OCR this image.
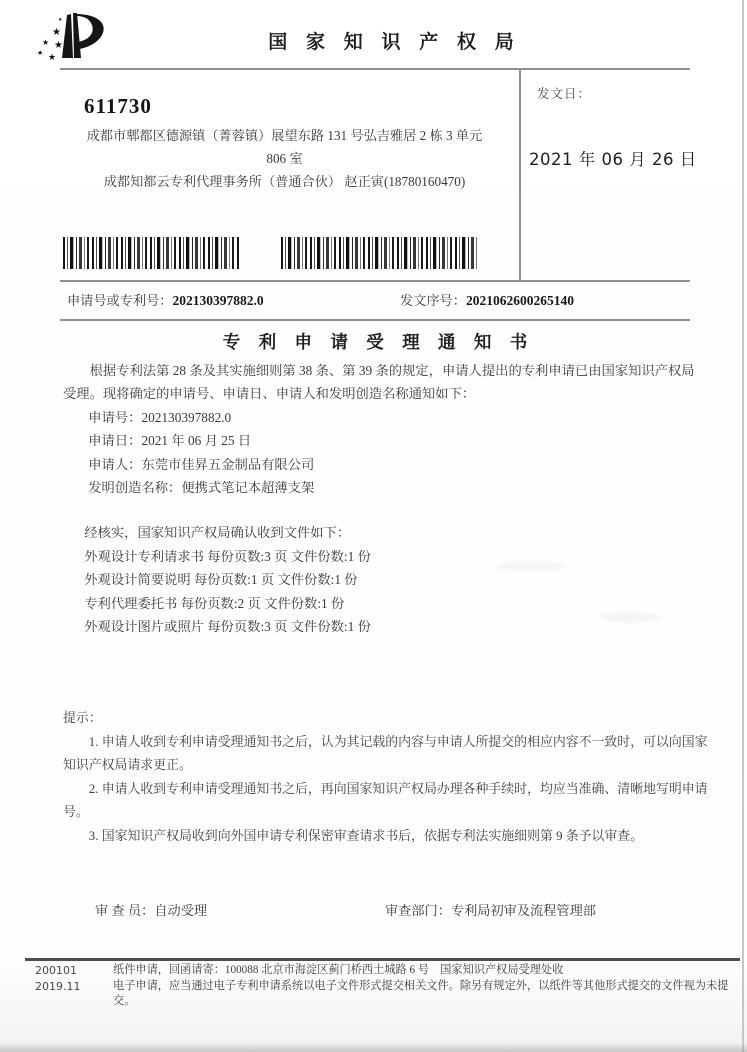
★
★ ★
★ ★
★
国 家 知 识 产 权 局
发文日：
2021 年 06 月 26 日
611730
成都市郫都区德源镇（菁蓉镇）展望东路 131 号弘吉雅居 2 栋 3 单元
806 室
成都知都云专利代理事务所（普通合伙） 赵正寅(18780160470)
申请号或专利号：202130397882.0	发文序号：2021062600265140
专 利 申 请 受 理 通 知 书
根据专利法第 28 条及其实施细则第 38 条、第 39 条的规定，申请人提出的专利申请已由国家知识产权局受理。现将确定的申请号、申请日、申请人和发明创造名称通知如下：
申请号：202130397882.0
申请日：2021 年 06 月 25 日
申请人：东莞市佳昇五金制品有限公司
发明创造名称：便携式笔记本超薄支架
经核实，国家知识产权局确认收到文件如下：
外观设计专利请求书 每份页数:3 页 文件份数:1 份
外观设计简要说明 每份页数:1 页 文件份数:1 份
专利代理委托书 每份页数:2 页 文件份数:1 份
外观设计图片或照片 每份页数:3 页 文件份数:1 份

提示：

1. 申请人收到专利申请受理通知书之后，认为其记载的内容与申请人所提交的相应内容不一致时，可以向国家知识产权局请求更正。

2. 申请人收到专利申请受理通知书之后，再向国家知识产权局办理各种手续时，均应当准确、清晰地写明申请号。

3. 国家知识产权局收到向外国申请专利保密审查请求书后，依据专利法实施细则第 9 条予以审查。

审 查 员：自动受理	审查部门：专利局初审及流程管理部
200101
2019.11

纸件申请，回函请寄：100088 北京市海淀区蓟门桥西土城路 6 号　国家知识产权局受理处收

电子申请，应当通过电子专利申请系统以电子文件形式提交相关文件。除另有规定外，以纸件等其他形式提交的文件视为未提交。
